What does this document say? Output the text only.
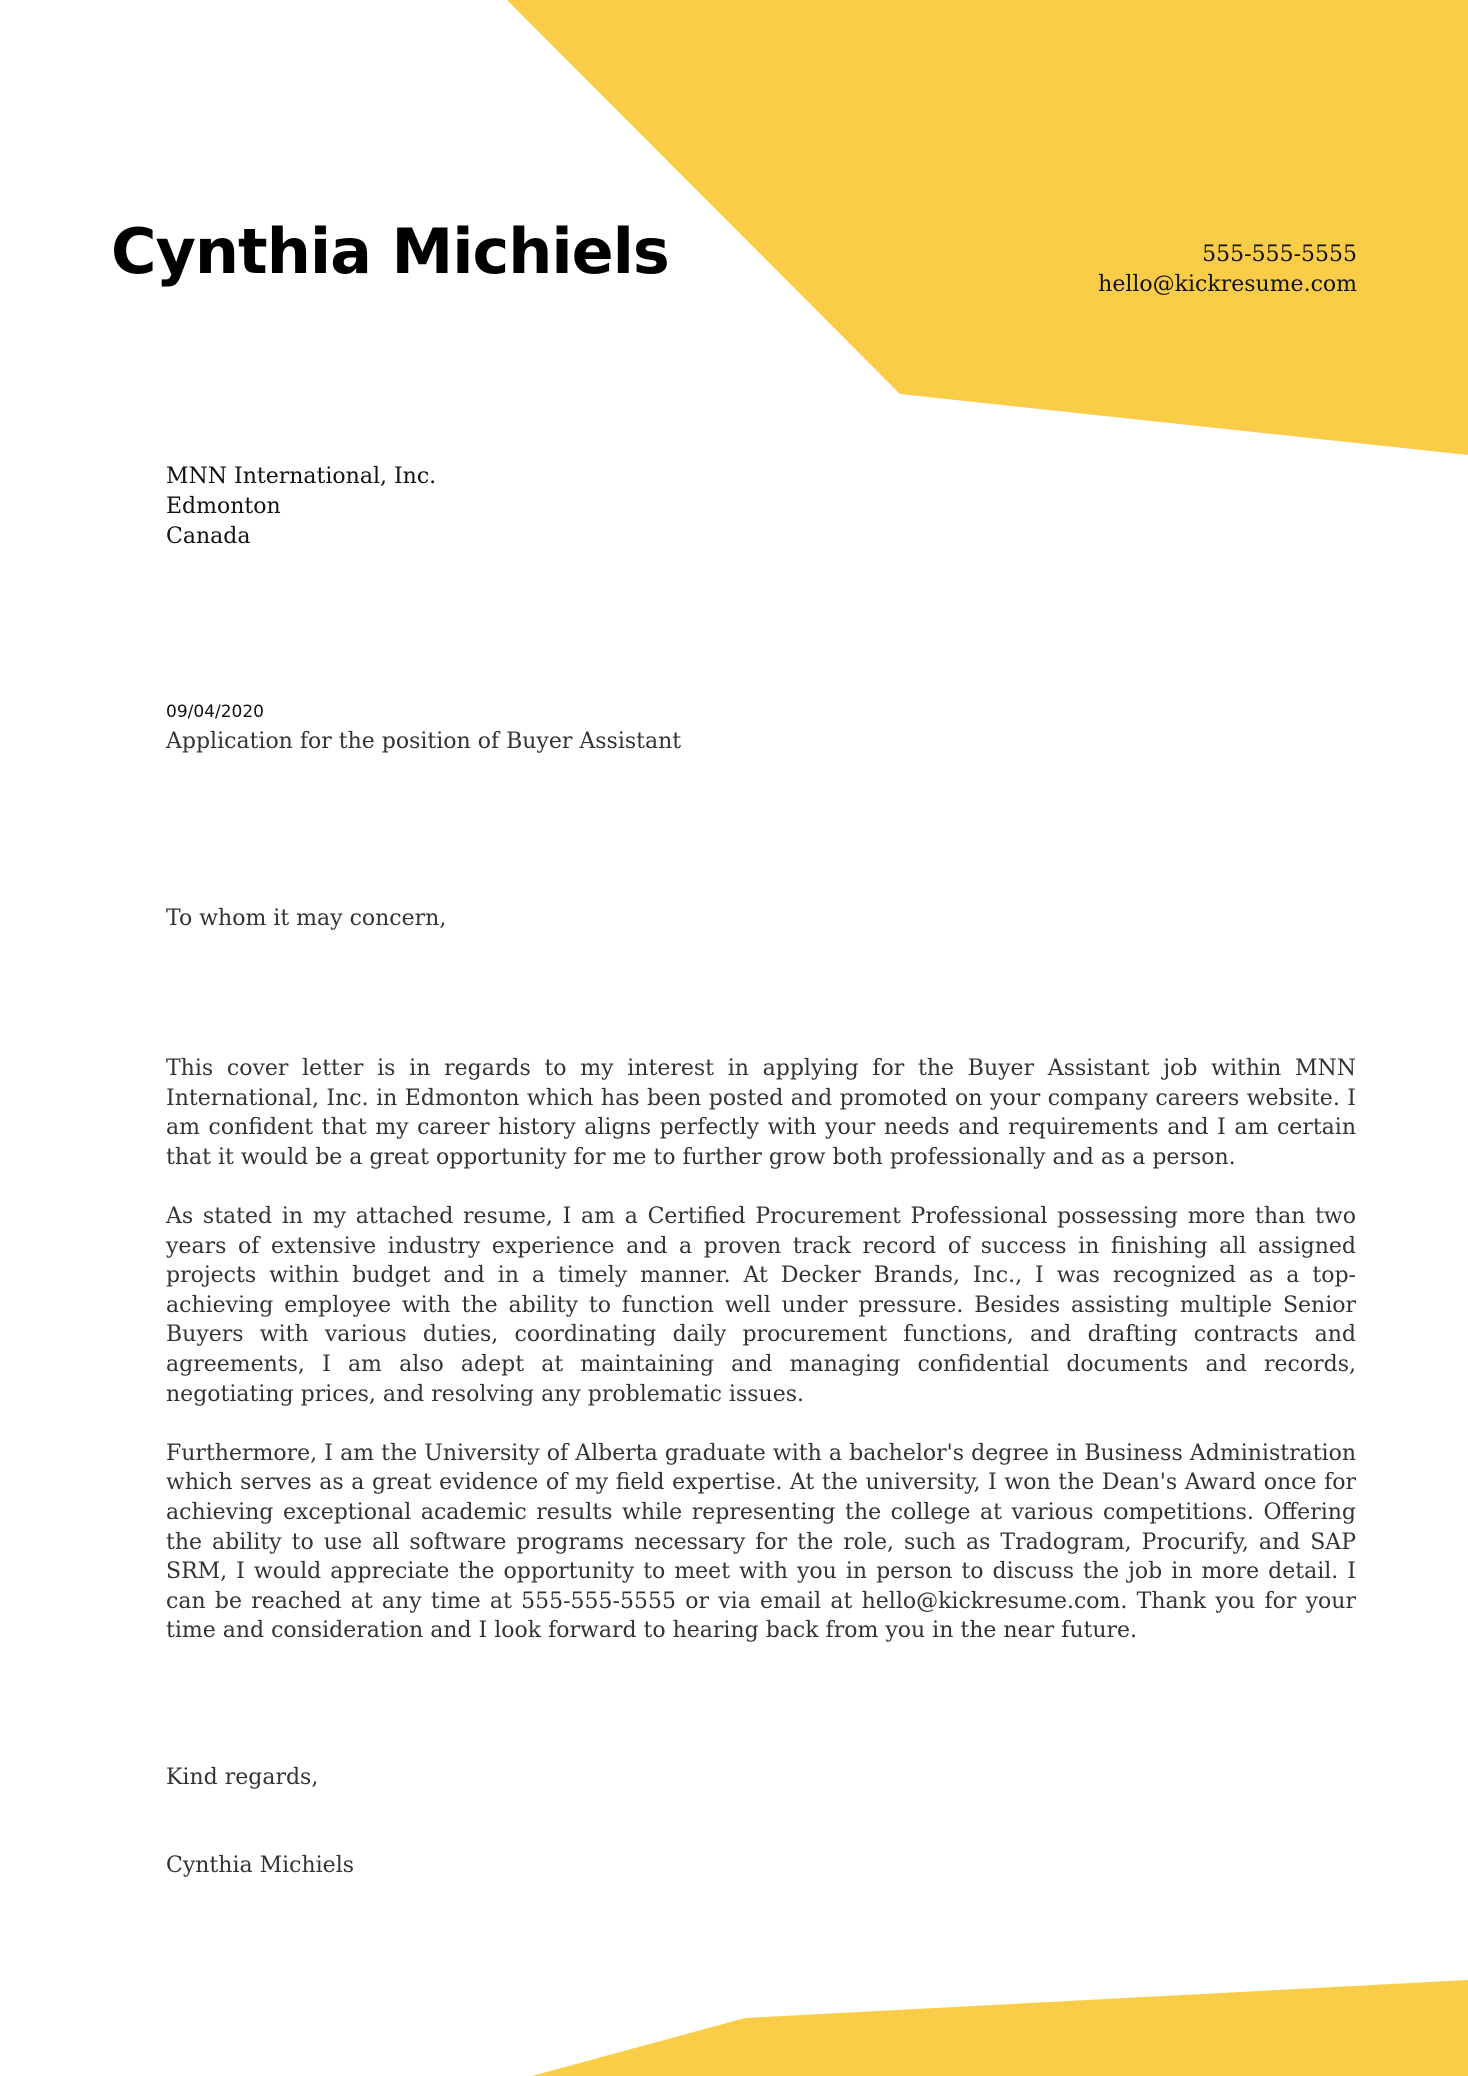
Cynthia Michiels	555-555-5555
hello@kickresume.com
MNN International, Inc.
Edmonton
Canada
09/04/2020
Application for the position of Buyer Assistant
To whom it may concern,

This cover letter is in regards to my interest in applying for the Buyer Assistant job within MNN International, Inc. in Edmonton which has been posted and promoted on your company careers website. I am confident that my career history aligns perfectly with your needs and requirements and I am certain that it would be a great opportunity for me to further grow both professionally and as a person.

As stated in my attached resume, I am a Certified Procurement Professional possessing more than two years of extensive industry experience and a proven track record of success in finishing all assigned projects within budget and in a timely manner. At Decker Brands, Inc., I was recognized as a top-achieving employee with the ability to function well under pressure. Besides assisting multiple Senior Buyers with various duties, coordinating daily procurement functions, and drafting contracts and agreements, I am also adept at maintaining and managing confidential documents and records, negotiating prices, and resolving any problematic issues.

Furthermore, I am the University of Alberta graduate with a bachelor's degree in Business Administration which serves as a great evidence of my field expertise. At the university, I won the Dean's Award once for achieving exceptional academic results while representing the college at various competitions. Offering the ability to use all software programs necessary for the role, such as Tradogram, Procurify, and SAP SRM, I would appreciate the opportunity to meet with you in person to discuss the job in more detail. I can be reached at any time at 555-555-5555 or via email at hello@kickresume.com. Thank you for your time and consideration and I look forward to hearing back from you in the near future.

Kind regards,
Cynthia Michiels
